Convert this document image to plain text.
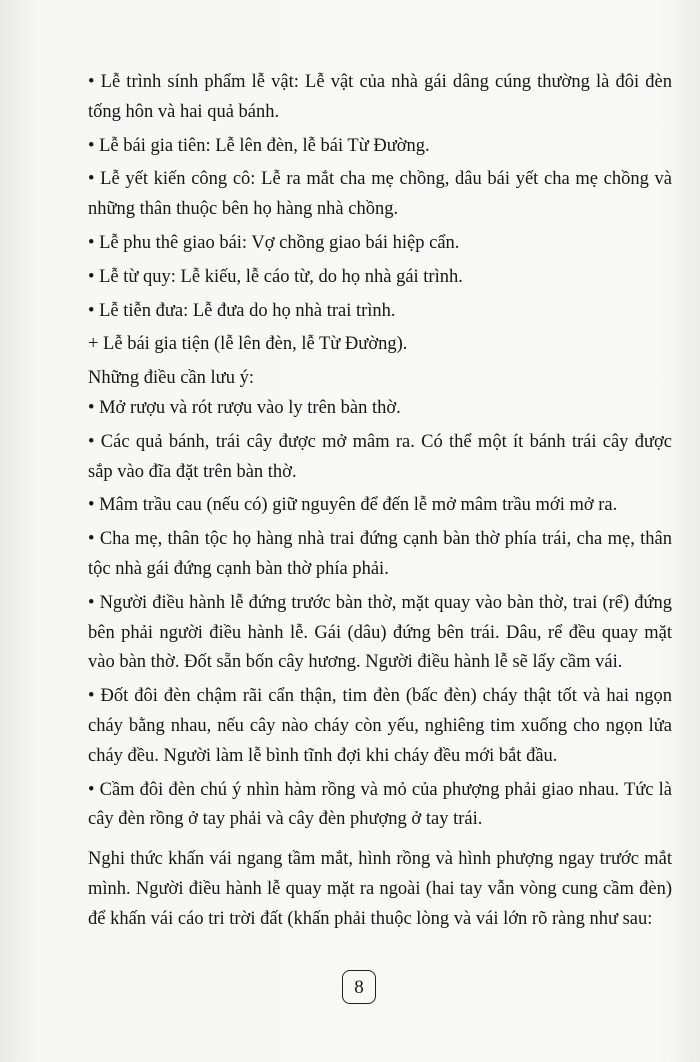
• Lễ trình sính phẩm lễ vật: Lễ vật của nhà gái dâng cúng thường là đôi đèn tống hôn và hai quả bánh.

• Lễ bái gia tiên: Lễ lên đèn, lễ bái Từ Đường.

• Lễ yết kiến công cô: Lễ ra mắt cha mẹ chồng, dâu bái yết cha mẹ chồng và những thân thuộc bên họ hàng nhà chồng.

• Lễ phu thê giao bái: Vợ chồng giao bái hiệp cẩn.

• Lễ từ quy: Lễ kiếu, lễ cáo từ, do họ nhà gái trình.

• Lễ tiễn đưa: Lễ đưa do họ nhà trai trình.

+ Lễ bái gia tiện (lễ lên đèn, lễ Từ Đường).

Những điều cần lưu ý:

• Mở rượu và rót rượu vào ly trên bàn thờ.

• Các quả bánh, trái cây được mở mâm ra. Có thể một ít bánh trái cây được sắp vào đĩa đặt trên bàn thờ.

• Mâm trầu cau (nếu có) giữ nguyên để đến lễ mở mâm trầu mới mở ra.

• Cha mẹ, thân tộc họ hàng nhà trai đứng cạnh bàn thờ phía trái, cha mẹ, thân tộc nhà gái đứng cạnh bàn thờ phía phải.

• Người điều hành lễ đứng trước bàn thờ, mặt quay vào bàn thờ, trai (rể) đứng bên phải người điều hành lễ. Gái (dâu) đứng bên trái. Dâu, rể đều quay mặt vào bàn thờ. Đốt sẵn bốn cây hương. Người điều hành lễ sẽ lấy cầm vái.

• Đốt đôi đèn chậm rãi cẩn thận, tim đèn (bấc đèn) cháy thật tốt và hai ngọn cháy bằng nhau, nếu cây nào cháy còn yếu, nghiêng tim xuống cho ngọn lửa cháy đều. Người làm lễ bình tĩnh đợi khi cháy đều mới bắt đầu.

• Cầm đôi đèn chú ý nhìn hàm rồng và mỏ của phượng phải giao nhau. Tức là cây đèn rồng ở tay phải và cây đèn phượng ở tay trái.

Nghi thức khấn vái ngang tầm mắt, hình rồng và hình phượng ngay trước mắt mình. Người điều hành lễ quay mặt ra ngoài (hai tay vẫn vòng cung cầm đèn) để khấn vái cáo tri trời đất (khấn phải thuộc lòng và vái lớn rõ ràng như sau:

8
